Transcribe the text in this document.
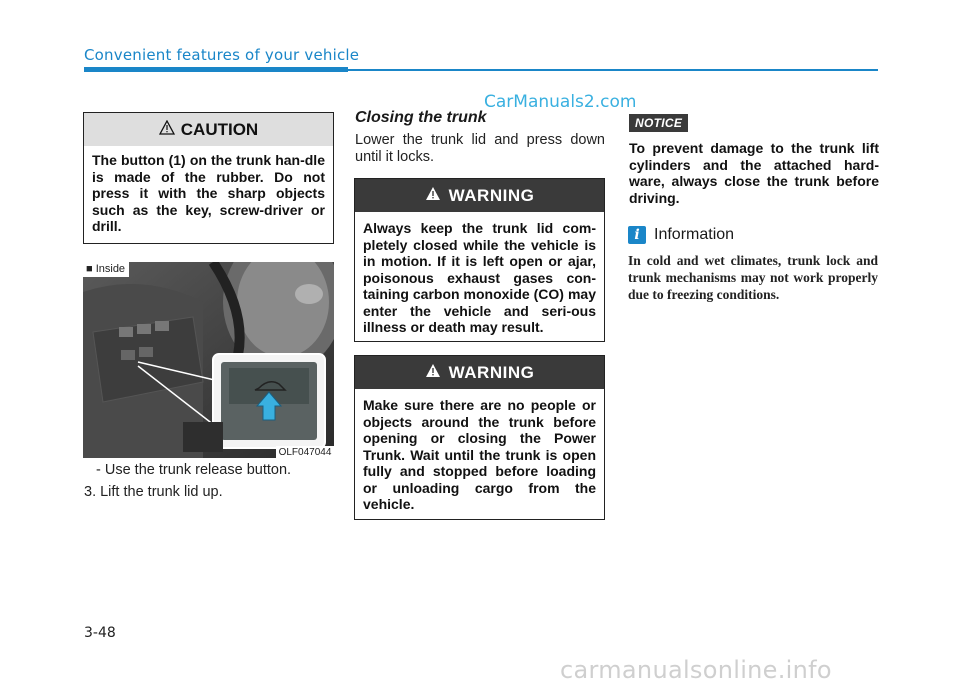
Convenient features of your vehicle
CarManuals2.com
CAUTION
The button (1) on the trunk han-dle is made of the rubber. Do not press it with the sharp objects such as the key, screw-driver or drill.
■ Inside
OLF047044
- Use the trunk release button.
3. Lift the trunk lid up.
Closing the trunk
Lower the trunk lid and press down until it locks.
WARNING
Always keep the trunk lid com-pletely closed while the vehicle is in motion. If it is left open or ajar, poisonous exhaust gases con-taining carbon monoxide (CO) may enter the vehicle and seri-ous illness or death may result.
WARNING
Make sure there are no people or objects around the trunk before opening or closing the Power Trunk. Wait until the trunk is open fully and stopped before loading or unloading cargo from the vehicle.
NOTICE
To prevent damage to the trunk lift cylinders and the attached hard-ware, always close the trunk before driving.
i Information
In cold and wet climates, trunk lock and trunk mechanisms may not work properly due to freezing conditions.
3-48
carmanualsonline.info
